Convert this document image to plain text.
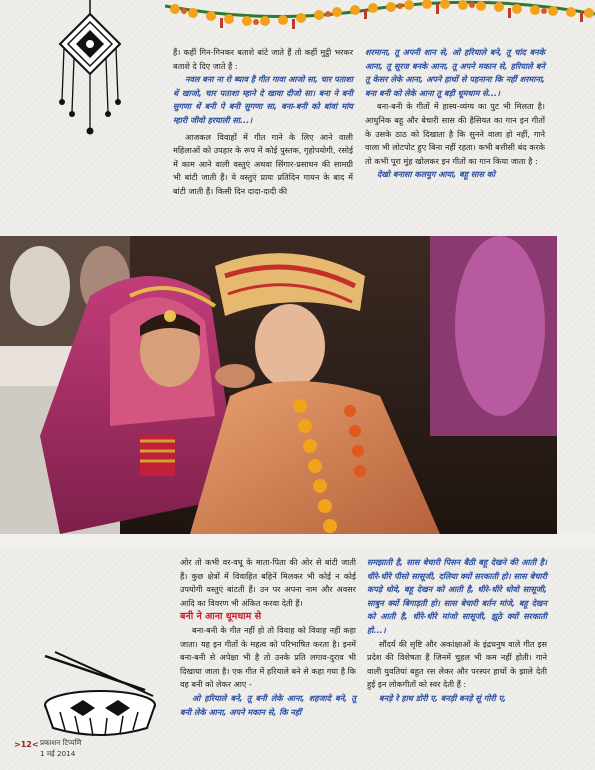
हैं। कहीं गिन-गिनकर बताशे बांटे जाते हैं तो कहीं मुट्ठी भरकर बताशे दे दिए जाते हैं :

नवल बना ना रो ब्याव है गीत गावा आजो सा, चार पताशा थें खाजो, चार पताशा म्हाने दे खावा दीजो सा। बना ने बनी सुगणा थें बनी पे बनी सुगणा सा, बना-बनी को बांवां मांय म्हारी जीवो हरयाली सा...।

आजकल विवाहों में गीत गाने के लिए आने वाली महिलाओं को उपहार के रूप में कोई पुस्तक, गृहोपयोगी, रसोई में काम आने वाली वस्तुएं अथवा सिंगार-प्रसाधन की सामग्री भी बांटी जाती हैं। ये वस्तुएं प्रायः प्रतिदिन गायन के बाद में बांटी जाती हैं। किसी दिन दादा-दादी की

शरमाना, तू अपनी शान से, ओ हरियाले बने, तू चांद बनके आना, तू सूरज बनके आना, तू अपने मकान से, हरियाले बने तू केसर लेके आना, अपने हाथों से पहनाना कि नहीं शरमाना, बना बनी को लेके आना तू बड़ी धूमधाम से...।

बना-बनी के गीतों में हास्य-व्यंग्य का पुट भी मिलता है। आधुनिक बहू और बेचारी सास की हैसियत का गान इन गीतों के उसके ठाठ को दिखाता है कि सुनने वाला हो नहीं, गाने वाला भी लोटपोट हुए बिना नहीं रहता। कभी बत्तीसी बंद करके तो कभी पूरा मुंह खोलकर इन गीतों का गान किया जाता है :

देखो बनासा कलयुग आया, बहू सास को

ओर तो कभी वर-वधू के माता-पिता की ओर से बांटी जाती हैं। कुछ क्षेत्रों में विवाहित बहिनें मिलकर भी कोई न कोई उपयोगी वस्तुएं बांटती हैं। उन पर अपना नाम और अवसर आदि का विवरण भी अंकित करवा देती हैं।

बनी ने आना धूमधाम से

बना-बनी के गीत नहीं हो तो विवाह को विवाह नहीं कहा जाता। यह इन गीतों के महत्व को परिभाषित करता है। इनमें बना-बनी से अपेक्षा भी है तो उनके प्रति लगाव-दुराव भी दिखाया जाता है। एक गीत में हरियाले बने से कहा गया है कि वह बनी को लेकर आए -

ओ हरियाले बने, तू बनी लेके आना, शहजादे बने, तू बनी लेके आना, अपने मकान से, कि नहीं

समझाती है, सास बेचारी पिसन बैठी बहू देखने की आती है। धीरे-धीरे पीसो सासूजी, दलिया क्यों सरकाती हो। सास बेचारी कपड़े धोवे, बहू देखन को आती है, धीरे-धीरे धोवो सासूजी, साबुन क्यों बिगाड़ती हो। सास बेचारी बर्तन मांजे, बहू देखन को आती है, धीरे-धीरे मांजो सासूजी, झूठे क्यों सरकाती हो...।

सौंदर्य की सृष्टि और अकांक्षाओं के इंद्रधनुष वाले गीत इस प्रदेश की विशेषता हैं जिनमें चुहल भी कम नहीं होती। गाने वाली युवतियां बहुत रस लेकर और परस्पर हाथों के झाले देती हुई इन लोकगीतों को स्वर देती हैं :

बनड़े रे हाथ डोरी ए, बनड़ी बनड़े सूं गोरी ए,

>12< प्रकाशन टिप्पणि
1 मई 2014
